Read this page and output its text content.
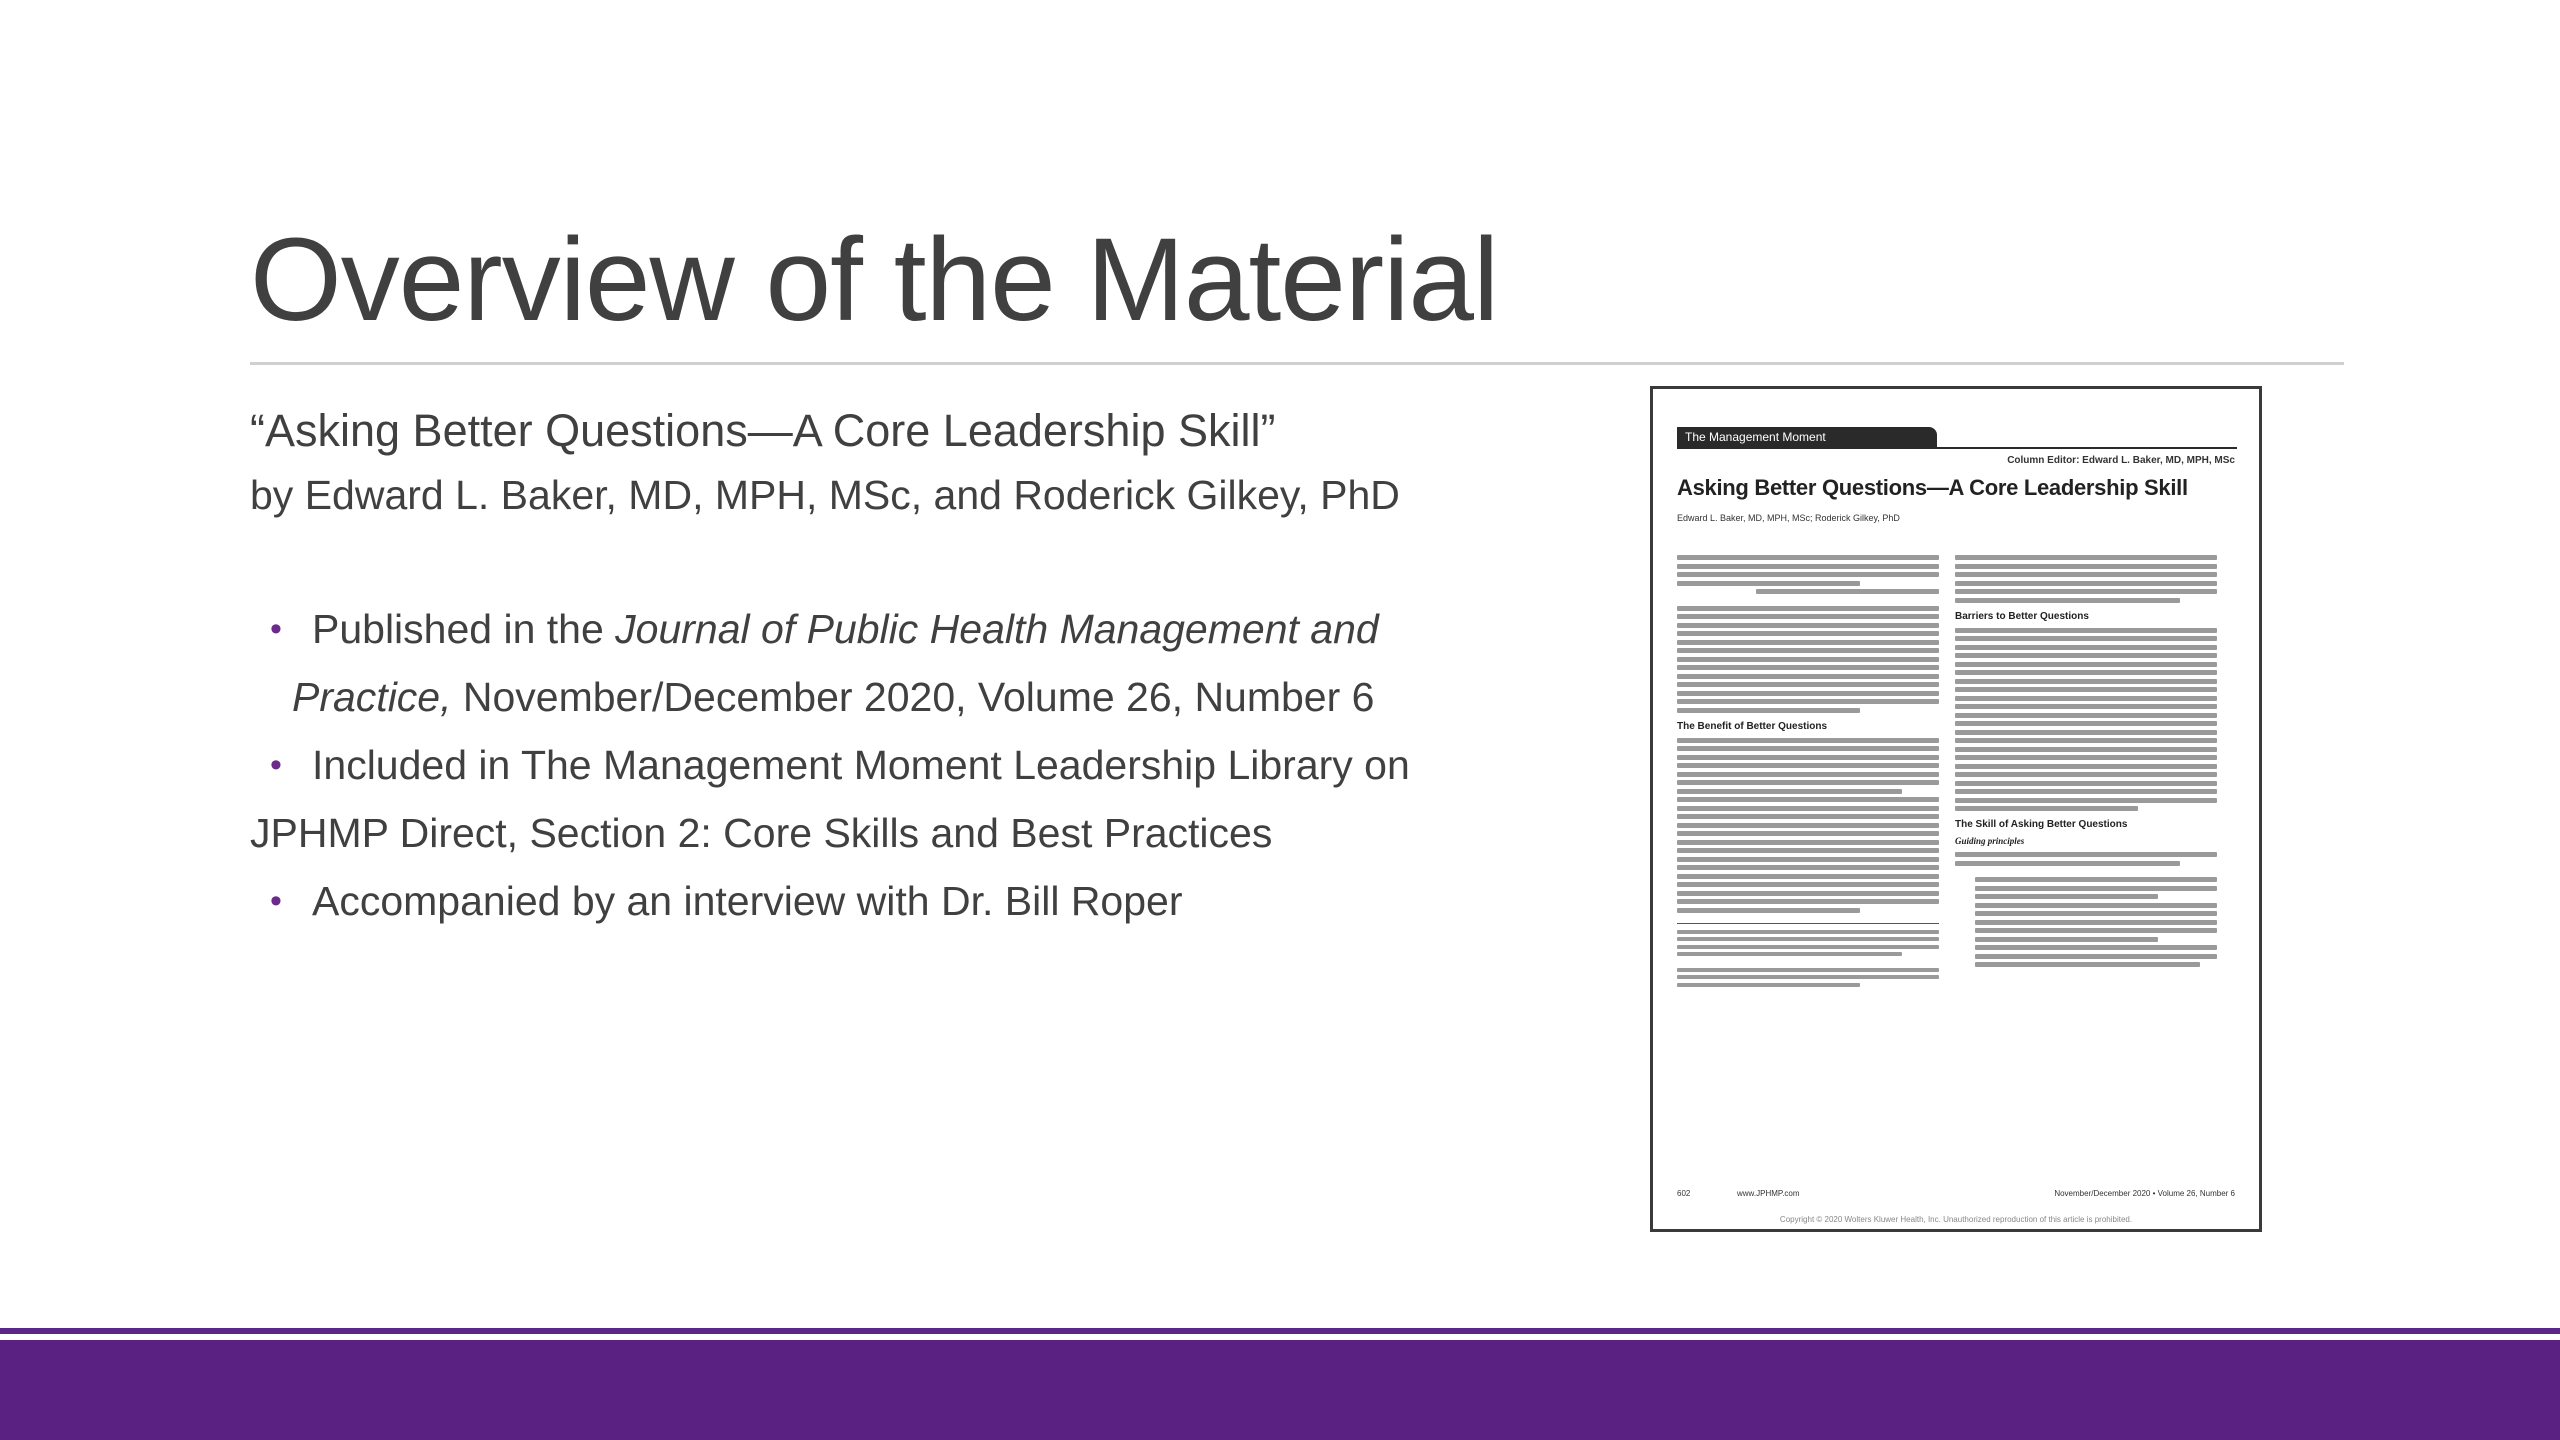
Overview of the Material
“Asking Better Questions—A Core Leadership Skill”
by Edward L. Baker, MD, MPH, MSc, and Roderick Gilkey, PhD
• Published in the Journal of Public Health Management and
Practice, November/December 2020, Volume 26, Number 6
• Included in The Management Moment Leadership Library on
JPHMP Direct, Section 2: Core Skills and Best Practices
• Accompanied by an interview with Dr. Bill Roper
The Management Moment
Column Editor: Edward L. Baker, MD, MPH, MSc
Asking Better Questions—A Core Leadership Skill
Edward L. Baker, MD, MPH, MSc; Roderick Gilkey, PhD
The Benefit of Better Questions
Barriers to Better Questions
The Skill of Asking Better Questions
Guiding principles
602	www.JPHMP.com	November/December 2020 • Volume 26, Number 6
Copyright © 2020 Wolters Kluwer Health, Inc. Unauthorized reproduction of this article is prohibited.
